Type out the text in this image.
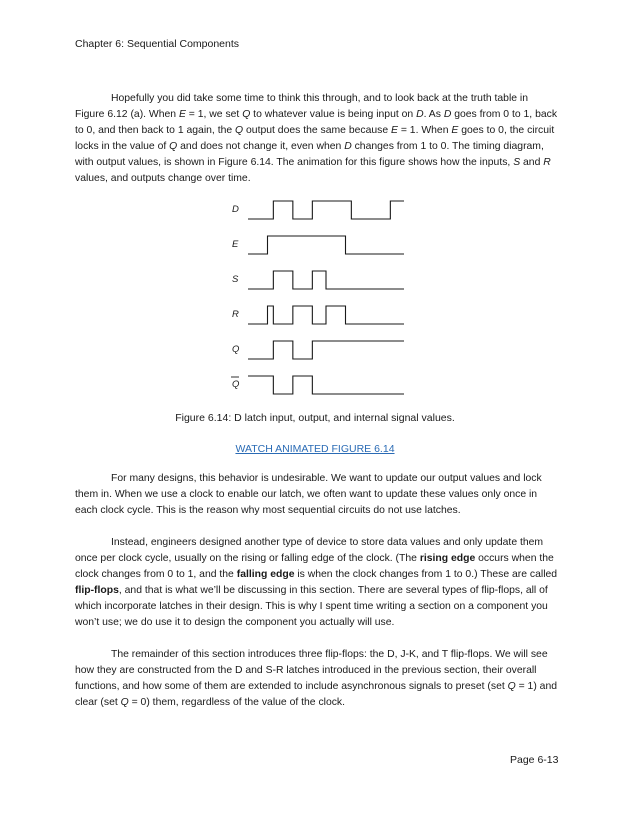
Chapter 6: Sequential Components

Hopefully you did take some time to think this through, and to look back at the truth table in Figure 6.12 (a). When E = 1, we set Q to whatever value is being input on D. As D goes from 0 to 1, back to 0, and then back to 1 again, the Q output does the same because E = 1. When E goes to 0, the circuit locks in the value of Q and does not change it, even when D changes from 1 to 0. The timing diagram, with output values, is shown in Figure 6.14. The animation for this figure shows how the inputs, S and R values, and outputs change over time.

D
E
S
R
Q
Q
Figure 6.14: D latch input, output, and internal signal values.
WATCH ANIMATED FIGURE 6.14

For many designs, this behavior is undesirable. We want to update our output values and lock them in. When we use a clock to enable our latch, we often want to update these values only once in each clock cycle. This is the reason why most sequential circuits do not use latches.

Instead, engineers designed another type of device to store data values and only update them once per clock cycle, usually on the rising or falling edge of the clock. (The rising edge occurs when the clock changes from 0 to 1, and the falling edge is when the clock changes from 1 to 0.) These are called flip-flops, and that is what we’ll be discussing in this section. There are several types of flip-flops, all of which incorporate latches in their design. This is why I spent time writing a section on a component you won’t use; we do use it to design the component you actually will use.

The remainder of this section introduces three flip-flops: the D, J-K, and T flip-flops. We will see how they are constructed from the D and S-R latches introduced in the previous section, their overall functions, and how some of them are extended to include asynchronous signals to preset (set Q = 1) and clear (set Q = 0) them, regardless of the value of the clock.

Page 6-13
